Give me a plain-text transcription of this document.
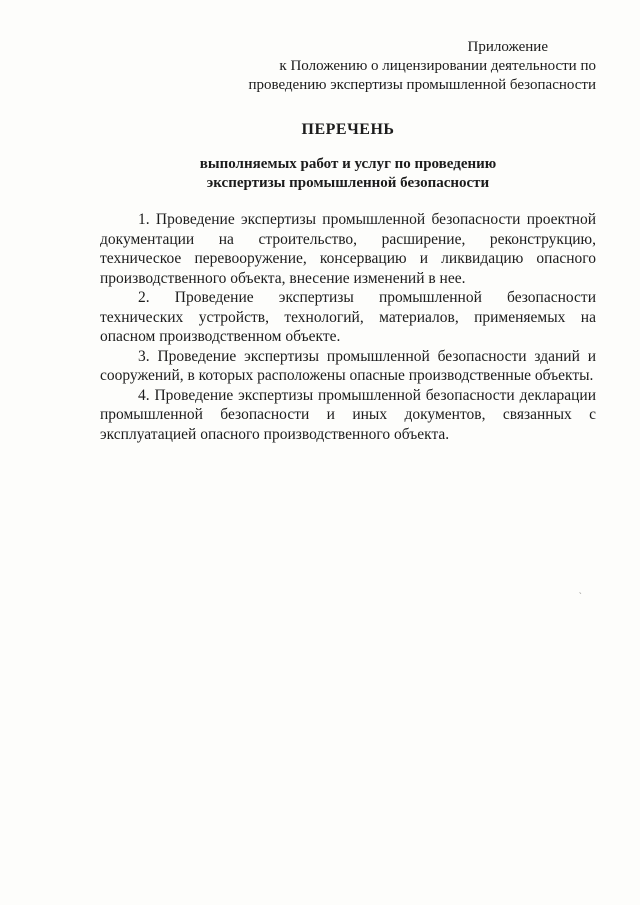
Приложение
к Положению о лицензировании деятельности по
проведению экспертизы промышленной безопасности
ПЕРЕЧЕНЬ
выполняемых работ и услуг по проведению
экспертизы промышленной безопасности

1. Проведение экспертизы промышленной безопасности проектной документации на строительство, расширение, реконструкцию, техническое перевооружение, консервацию и ликвидацию опасного производственного объекта, внесение изменений в нее.

2. Проведение экспертизы промышленной безопасности технических устройств, технологий, материалов, применяемых на опасном производственном объекте.

3. Проведение экспертизы промышленной безопасности зданий и сооружений, в которых расположены опасные производственные объекты.

4. Проведение экспертизы промышленной безопасности декларации промышленной безопасности и иных документов, связанных с эксплуатацией опасного производственного объекта.

`
